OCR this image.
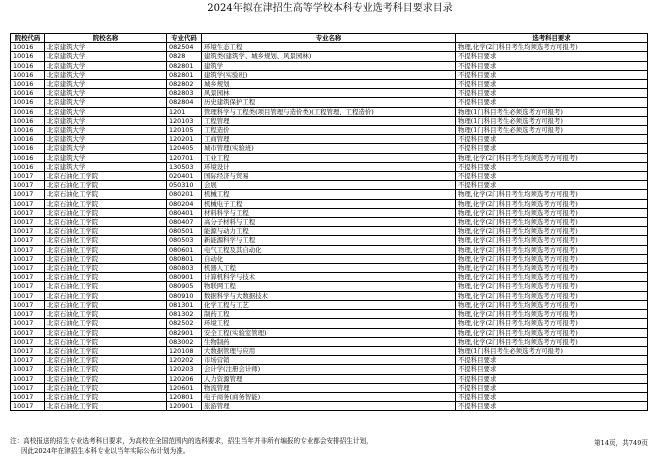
2024年拟在津招生高等学校本科专业选考科目要求目录
院校代码	院校名称	专业代码	专业名称	选考科目要求
10016	北京建筑大学	082504	环境生态工程	物理,化学(2门科目考生均须选考方可报考)
10016	北京建筑大学	0828	建筑类(建筑学、城乡规划、风景园林)	不提科目要求
10016	北京建筑大学	082801	建筑学	不提科目要求
10016	北京建筑大学	082801	建筑学(实验班)	不提科目要求
10016	北京建筑大学	082802	城乡规划	不提科目要求
10016	北京建筑大学	082803	风景园林	不提科目要求
10016	北京建筑大学	082804	历史建筑保护工程	不提科目要求
10016	北京建筑大学	1201	管理科学与工程类(项目管理与造价类)(工程管理、工程造价)	物理(1门科目考生必须选考方可报考)
10016	北京建筑大学	120103	工程管理	物理(1门科目考生必须选考方可报考)
10016	北京建筑大学	120105	工程造价	物理(1门科目考生必须选考方可报考)
10016	北京建筑大学	120201	工商管理	不提科目要求
10016	北京建筑大学	120405	城市管理(实验班)	不提科目要求
10016	北京建筑大学	120701	工业工程	物理,化学(2门科目考生均须选考方可报考)
10016	北京建筑大学	130503	环境设计	不提科目要求
10017	北京石油化工学院	020401	国际经济与贸易	不提科目要求
10017	北京石油化工学院	050310	会展	不提科目要求
10017	北京石油化工学院	080201	机械工程	物理,化学(2门科目考生均须选考方可报考)
10017	北京石油化工学院	080204	机械电子工程	物理,化学(2门科目考生均须选考方可报考)
10017	北京石油化工学院	080401	材料科学与工程	物理,化学(2门科目考生均须选考方可报考)
10017	北京石油化工学院	080407	高分子材料与工程	物理,化学(2门科目考生均须选考方可报考)
10017	北京石油化工学院	080501	能源与动力工程	物理,化学(2门科目考生均须选考方可报考)
10017	北京石油化工学院	080503	新能源科学与工程	物理,化学(2门科目考生均须选考方可报考)
10017	北京石油化工学院	080601	电气工程及其自动化	物理,化学(2门科目考生均须选考方可报考)
10017	北京石油化工学院	080801	自动化	物理,化学(2门科目考生均须选考方可报考)
10017	北京石油化工学院	080803	机器人工程	物理,化学(2门科目考生均须选考方可报考)
10017	北京石油化工学院	080901	计算机科学与技术	物理,化学(2门科目考生均须选考方可报考)
10017	北京石油化工学院	080905	物联网工程	物理,化学(2门科目考生均须选考方可报考)
10017	北京石油化工学院	080910	数据科学与大数据技术	物理,化学(2门科目考生均须选考方可报考)
10017	北京石油化工学院	081301	化学工程与工艺	物理,化学(2门科目考生均须选考方可报考)
10017	北京石油化工学院	081302	制药工程	物理,化学(2门科目考生均须选考方可报考)
10017	北京石油化工学院	082502	环境工程	物理,化学(2门科目考生均须选考方可报考)
10017	北京石油化工学院	082901	安全工程(实验室管理)	物理,化学(2门科目考生均须选考方可报考)
10017	北京石油化工学院	083002	生物制药	物理,化学(2门科目考生均须选考方可报考)
10017	北京石油化工学院	120108	大数据管理与应用	物理(1门科目考生必须选考方可报考)
10017	北京石油化工学院	120202	市场营销	不提科目要求
10017	北京石油化工学院	120203	会计学(注册会计师)	不提科目要求
10017	北京石油化工学院	120206	人力资源管理	不提科目要求
10017	北京石油化工学院	120601	物流管理	不提科目要求
10017	北京石油化工学院	120801	电子商务(商务智能)	不提科目要求
10017	北京石油化工学院	120901	旅游管理	不提科目要求
注：高校报送的招生专业选考科目要求，为高校在全国范围内的选科要求，招生当年并非所有编报的专业都会安排招生计划，
因此2024年在津招生本科专业以当年实际公布计划为准。
第14页，共749页
